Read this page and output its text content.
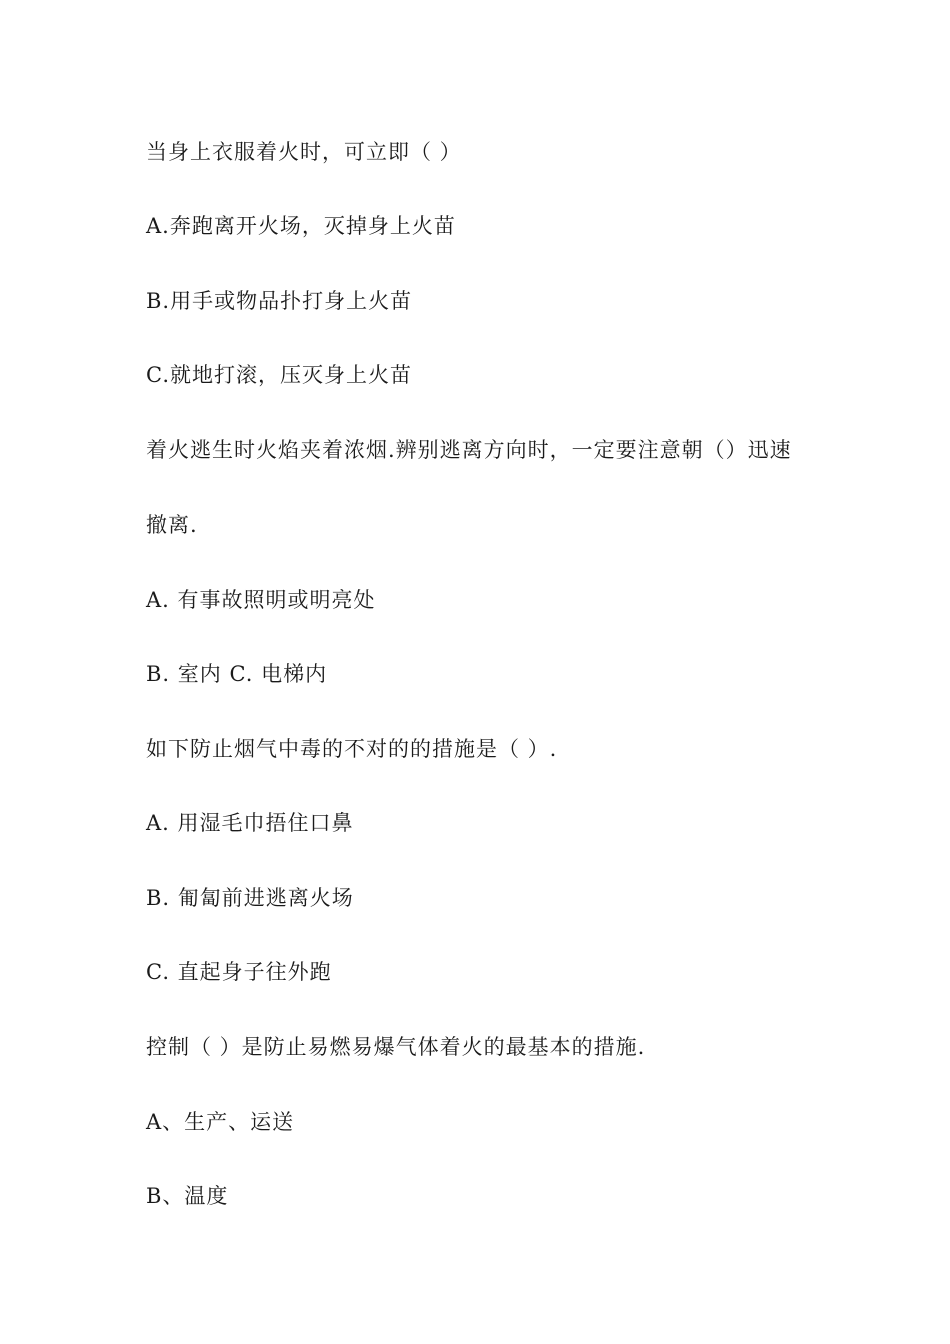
当身上衣服着火时，可立即（ ）
A.奔跑离开火场，灭掉身上火苗
B.用手或物品扑打身上火苗
C.就地打滚，压灭身上火苗
着火逃生时火焰夹着浓烟.辨别逃离方向时，一定要注意朝（）迅速
撤离.
A. 有事故照明或明亮处
B. 室内 C. 电梯内
如下防止烟气中毒的不对的的措施是（ ）.
A. 用湿毛巾捂住口鼻
B. 匍匐前进逃离火场
C. 直起身子往外跑
控制（ ）是防止易燃易爆气体着火的最基本的措施.
A、生产、运送
B、温度
